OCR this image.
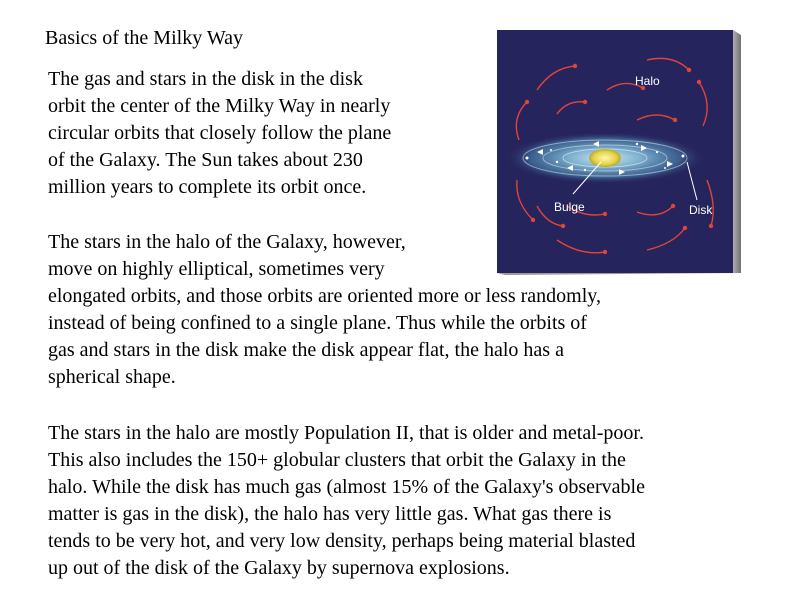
Basics of the Milky Way
The gas and stars in the disk in the disk
orbit the center of the Milky Way in nearly
circular orbits that closely follow the plane
of the Galaxy. The Sun takes about 230
million years to complete its orbit once.
The stars in the halo of the Galaxy, however,
move on highly elliptical, sometimes very
elongated orbits, and those orbits are oriented more or less randomly,
instead of being confined to a single plane. Thus while the orbits of
gas and stars in the disk make the disk appear flat, the halo has a
spherical shape.
The stars in the halo are mostly Population II, that is older and metal-poor.
This also includes the 150+ globular clusters that orbit the Galaxy in the
halo. While the disk has much gas (almost 15% of the Galaxy's observable
matter is gas in the disk), the halo has very little gas. What gas there is
tends to be very hot, and very low density, perhaps being material blasted
up out of the disk of the Galaxy by supernova explosions.
Halo
Bulge	Disk
